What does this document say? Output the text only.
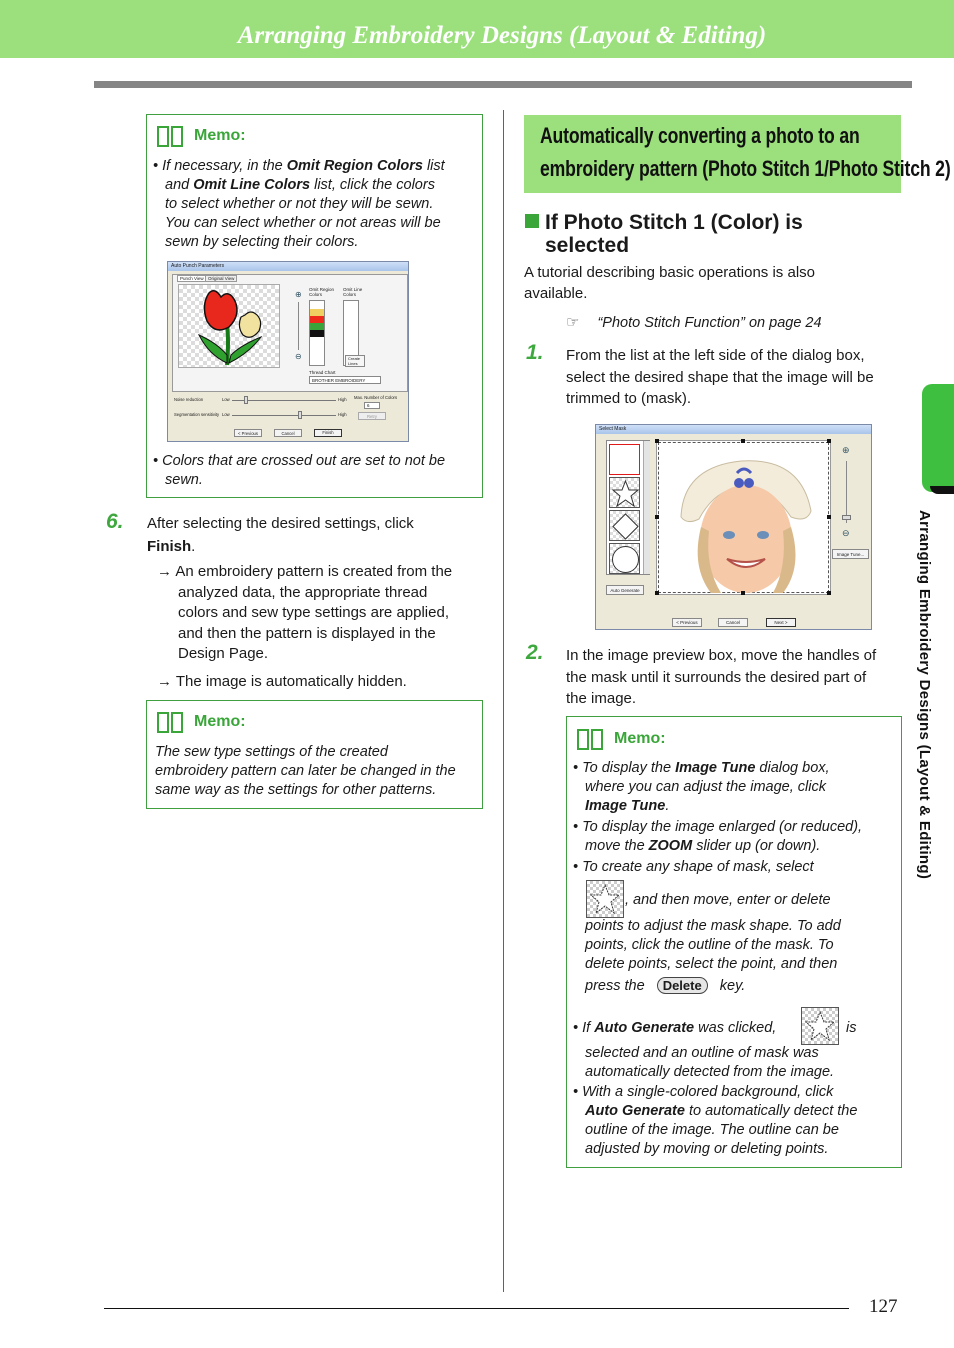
Arranging Embroidery Designs (Layout & Editing)
Memo:

• If necessary, in the Omit Region Colors list

and Omit Line Colors list, click the colors

to select whether or not they will be sewn.

You can select whether or not areas will be

sewn by selecting their colors.

Auto Punch Parameters
Punch View Original View
⊕
⊖
Omit Region Colors
Omit Line Colors
Create Lines
Thread Chart
BROTHER EMBROIDERY
Noise reduction	Low	High Max. Number of Colors
6
Segmentation sensitivity Low	High	Retry
< Previous	Cancel	Finish

• Colors that are crossed out are set to not be

sewn.

6. After selecting the desired settings, click
Finish.
→ An embroidery pattern is created from the
analyzed data, the appropriate thread
colors and sew type settings are applied,
and then the pattern is displayed in the
Design Page.
→ The image is automatically hidden.
Memo:

The sew type settings of the created

embroidery pattern can later be changed in the

same way as the settings for other patterns.

Automatically converting a photo to an
embroidery pattern (Photo Stitch 1/Photo Stitch 2)
If Photo Stitch 1 (Color) is
selected
A tutorial describing basic operations is also
available.
☞ “Photo Stitch Function” on page 24
1. From the list at the left side of the dialog box,
select the desired shape that the image will be
trimmed to (mask).
Select Mask
Auto Generate
⊕
⊖
Image Tune...
< Previous	Cancel	Next >
2. In the image preview box, move the handles of
the mask until it surrounds the desired part of
the image.
Memo:

• To display the Image Tune dialog box,

where you can adjust the image, click

Image Tune.

• To display the image enlarged (or reduced),

move the ZOOM slider up (or down).

• To create any shape of mask, select

, and then move, enter or delete

points to adjust the mask shape. To add

points, click the outline of the mask. To

delete points, select the point, and then

press the Delete key.

• If Auto Generate was clicked,	is

selected and an outline of mask was

automatically detected from the image.

• With a single-colored background, click

Auto Generate to automatically detect the

outline of the image. The outline can be

adjusted by moving or deleting points.

Arranging Embroidery Designs (Layout & Editing)
127
